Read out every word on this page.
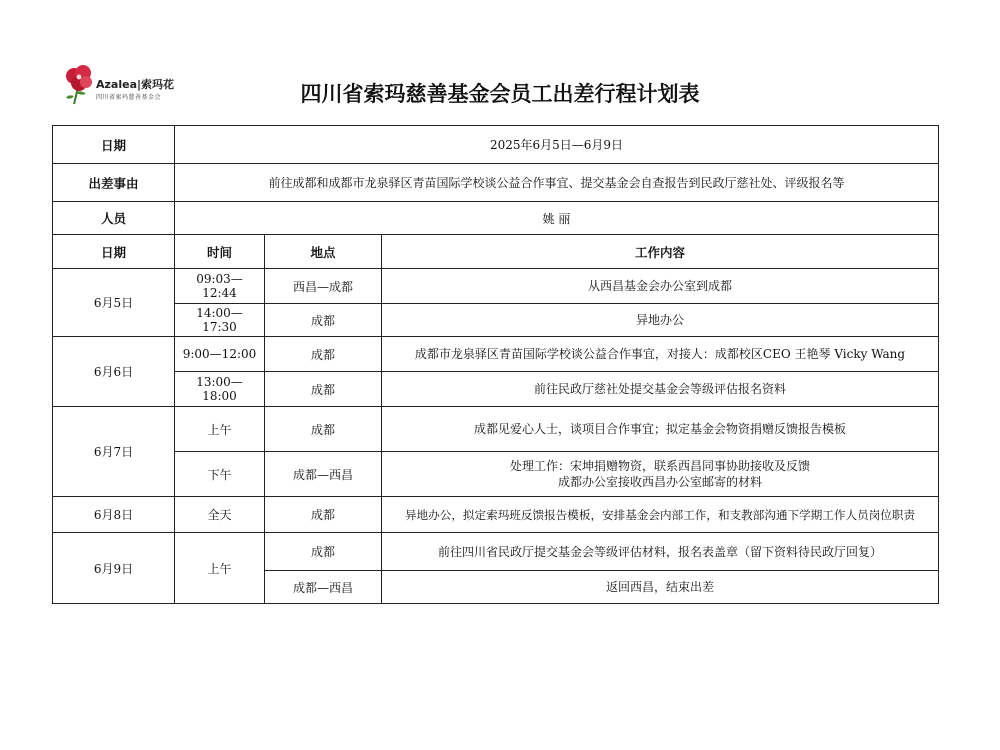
Azalea|索玛花
四川省索玛慈善基金会	四川省索玛慈善基金会员工出差行程计划表
日期	2025年6月5日—6月9日		
出差事由	前往成都和成都市龙泉驿区青苗国际学校谈公益合作事宜、提交基金会自查报告到民政厅慈社处、评级报名等		
人员	姚 丽		
日期	时间	地点	工作内容
6月5日	09:03—12:44	西昌—成都	从西昌基金会办公室到成都

	14:00—17:30	成都	异地办公

6月6日	9:00—12:00	成都	成都市龙泉驿区青苗国际学校谈公益合作事宜，对接人：成都校区CEO 王艳琴 Vicky Wang

	13:00—18:00	成都	前往民政厅慈社处提交基金会等级评估报名资料

6月7日	上午	成都	成都见爱心人士，谈项目合作事宜；拟定基金会物资捐赠反馈报告模板

	下午	成都—西昌	处理工作：宋坤捐赠物资，联系西昌同事协助接收及反馈
成都办公室接收西昌办公室邮寄的材料

6月8日	全天	成都	异地办公，拟定索玛班反馈报告模板，安排基金会内部工作，和支教部沟通下学期工作人员岗位职责

6月9日	上午	成都	前往四川省民政厅提交基金会等级评估材料，报名表盖章（留下资料待民政厅回复）

		成都—西昌	返回西昌，结束出差
